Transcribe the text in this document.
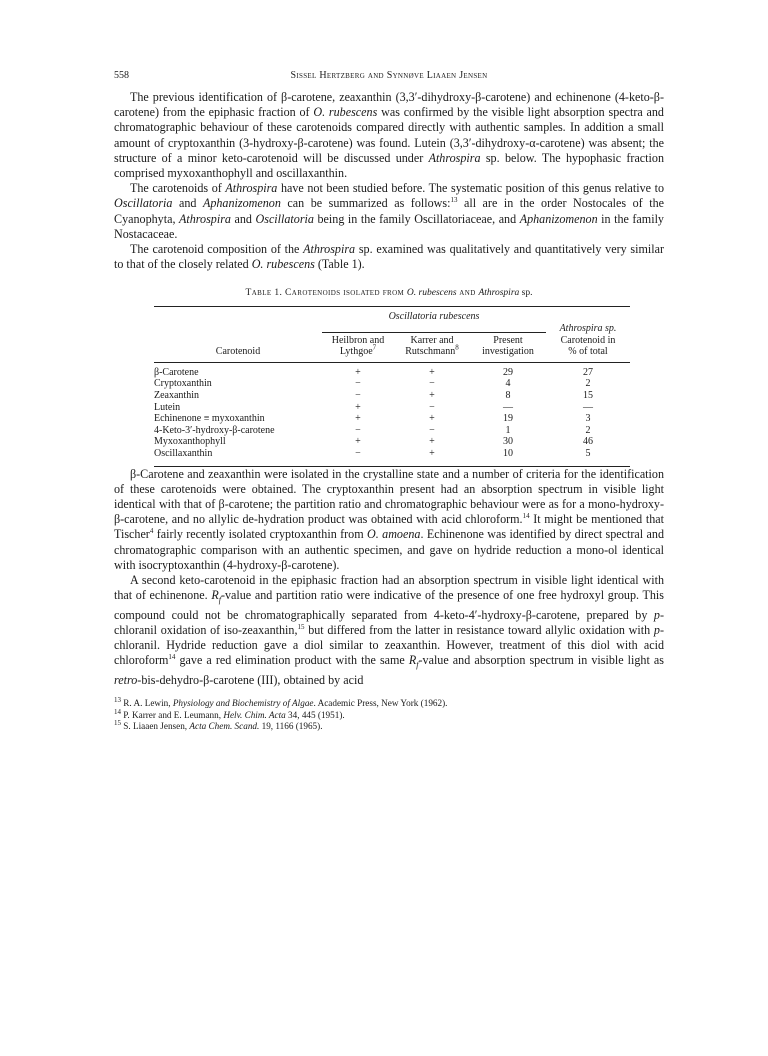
558	Sissel Hertzberg and Synnøve Liaaen Jensen

The previous identification of β-carotene, zeaxanthin (3,3′-dihydroxy-β-carotene) and echinenone (4-keto-β-carotene) from the epiphasic fraction of O. rubescens was confirmed by the visible light absorption spectra and chromatographic behaviour of these carotenoids compared directly with authentic samples. In addition a small amount of cryptoxanthin (3-hydroxy-β-carotene) was found. Lutein (3,3′-dihydroxy-α-carotene) was absent; the structure of a minor keto-carotenoid will be discussed under Athrospira sp. below. The hypophasic fraction comprised myxoxanthophyll and oscillaxanthin.

The carotenoids of Athrospira have not been studied before. The systematic position of this genus relative to Oscillatoria and Aphanizomenon can be summarized as follows:$^{13}$ all are in the order Nostocales of the Cyanophyta, Athrospira and Oscillatoria being in the family Oscillatoriaceae, and Aphanizomenon in the family Nostacaceae.

The carotenoid composition of the Athrospira sp. examined was qualitatively and quantitatively very similar to that of the closely related O. rubescens (Table 1).

Table 1. Carotenoids isolated from O. rubescens and Athrospira sp.

	Oscillatoria rubescens			

			Athrospira sp.
	Heilbron and	Karrer and	Present	Carotenoid in
Carotenoid	Lythgoe$^7$	Rutschmann$^8$	investigation	% of total

β-Carotene	+	+	29	27
Cryptoxanthin	−	−	4	2
Zeaxanthin	−	+	8	15
Lutein	+	−	—	—
Echinenone ≡ myxoxanthin	+	+	19	3
4-Keto-3′-hydroxy-β-carotene	−	−	1	2
Myxoxanthophyll	+	+	30	46
Oscillaxanthin	−	+	10	5

β-Carotene and zeaxanthin were isolated in the crystalline state and a number of criteria for the identification of these carotenoids were obtained. The cryptoxanthin present had an absorption spectrum in visible light identical with that of β-carotene; the partition ratio and chromatographic behaviour were as for a mono-hydroxy-β-carotene, and no allylic de-hydration product was obtained with acid chloroform.$^{14}$ It might be mentioned that Tischer$^4$ fairly recently isolated cryptoxanthin from O. amoena. Echinenone was identified by direct spectral and chromatographic comparison with an authentic specimen, and gave on hydride reduction a mono-ol identical with isocryptoxanthin (4-hydroxy-β-carotene).

A second keto-carotenoid in the epiphasic fraction had an absorption spectrum in visible light identical with that of echinenone. $R_f$-value and partition ratio were indicative of the presence of one free hydroxyl group. This compound could not be chromatographically separated from 4-keto-4′-hydroxy-β-carotene, prepared by p-chloranil oxidation of iso-zeaxanthin,$^{15}$ but differed from the latter in resistance toward allylic oxidation with p-chloranil. Hydride reduction gave a diol similar to zeaxanthin. However, treatment of this diol with acid chloroform$^{14}$ gave a red elimination product with the same $R_f$-value and absorption spectrum in visible light as retro-bis-dehydro-β-carotene (III), obtained by acid

$^{13}$ R. A. Lewin, Physiology and Biochemistry of Algae. Academic Press, New York (1962).
$^{14}$ P. Karrer and E. Leumann, Helv. Chim. Acta 34, 445 (1951).
$^{15}$ S. Liaaen Jensen, Acta Chem. Scand. 19, 1166 (1965).
